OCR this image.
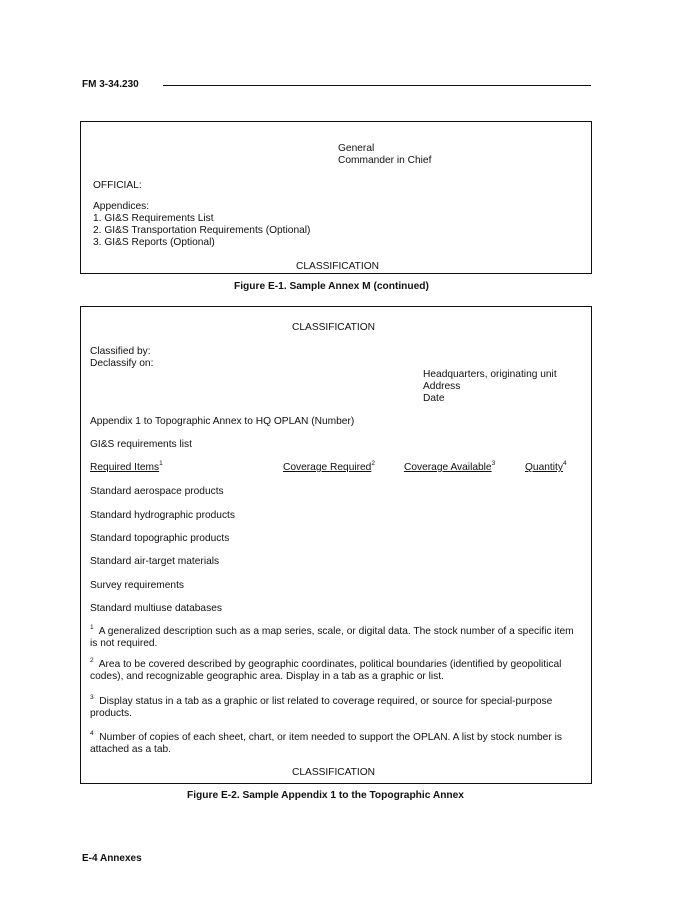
FM 3-34.230
General
Commander in Chief
OFFICIAL:
Appendices:
1. GI&S Requirements List
2. GI&S Transportation Requirements (Optional)
3. GI&S Reports (Optional)
CLASSIFICATION
Figure E-1. Sample Annex M (continued)
CLASSIFICATION
Classified by:
Declassify on:
Headquarters, originating unit
Address
Date
Appendix 1 to Topographic Annex to HQ OPLAN (Number)
GI&S requirements list
Required Items$^1$	Coverage Required$^2$	Coverage Available$^3$	Quantity$^4$
Standard aerospace products
Standard hydrographic products
Standard topographic products
Standard air-target materials
Survey requirements
Standard multiuse databases
$^1$ A generalized description such as a map series, scale, or digital data. The stock number of a specific item is not required.
$^2$ Area to be covered described by geographic coordinates, political boundaries (identified by geopolitical codes), and recognizable geographic area. Display in a tab as a graphic or list.
$^3$ Display status in a tab as a graphic or list related to coverage required, or source for special-purpose products.
$^4$ Number of copies of each sheet, chart, or item needed to support the OPLAN. A list by stock number is attached as a tab.
CLASSIFICATION
Figure E-2. Sample Appendix 1 to the Topographic Annex
E-4 Annexes
